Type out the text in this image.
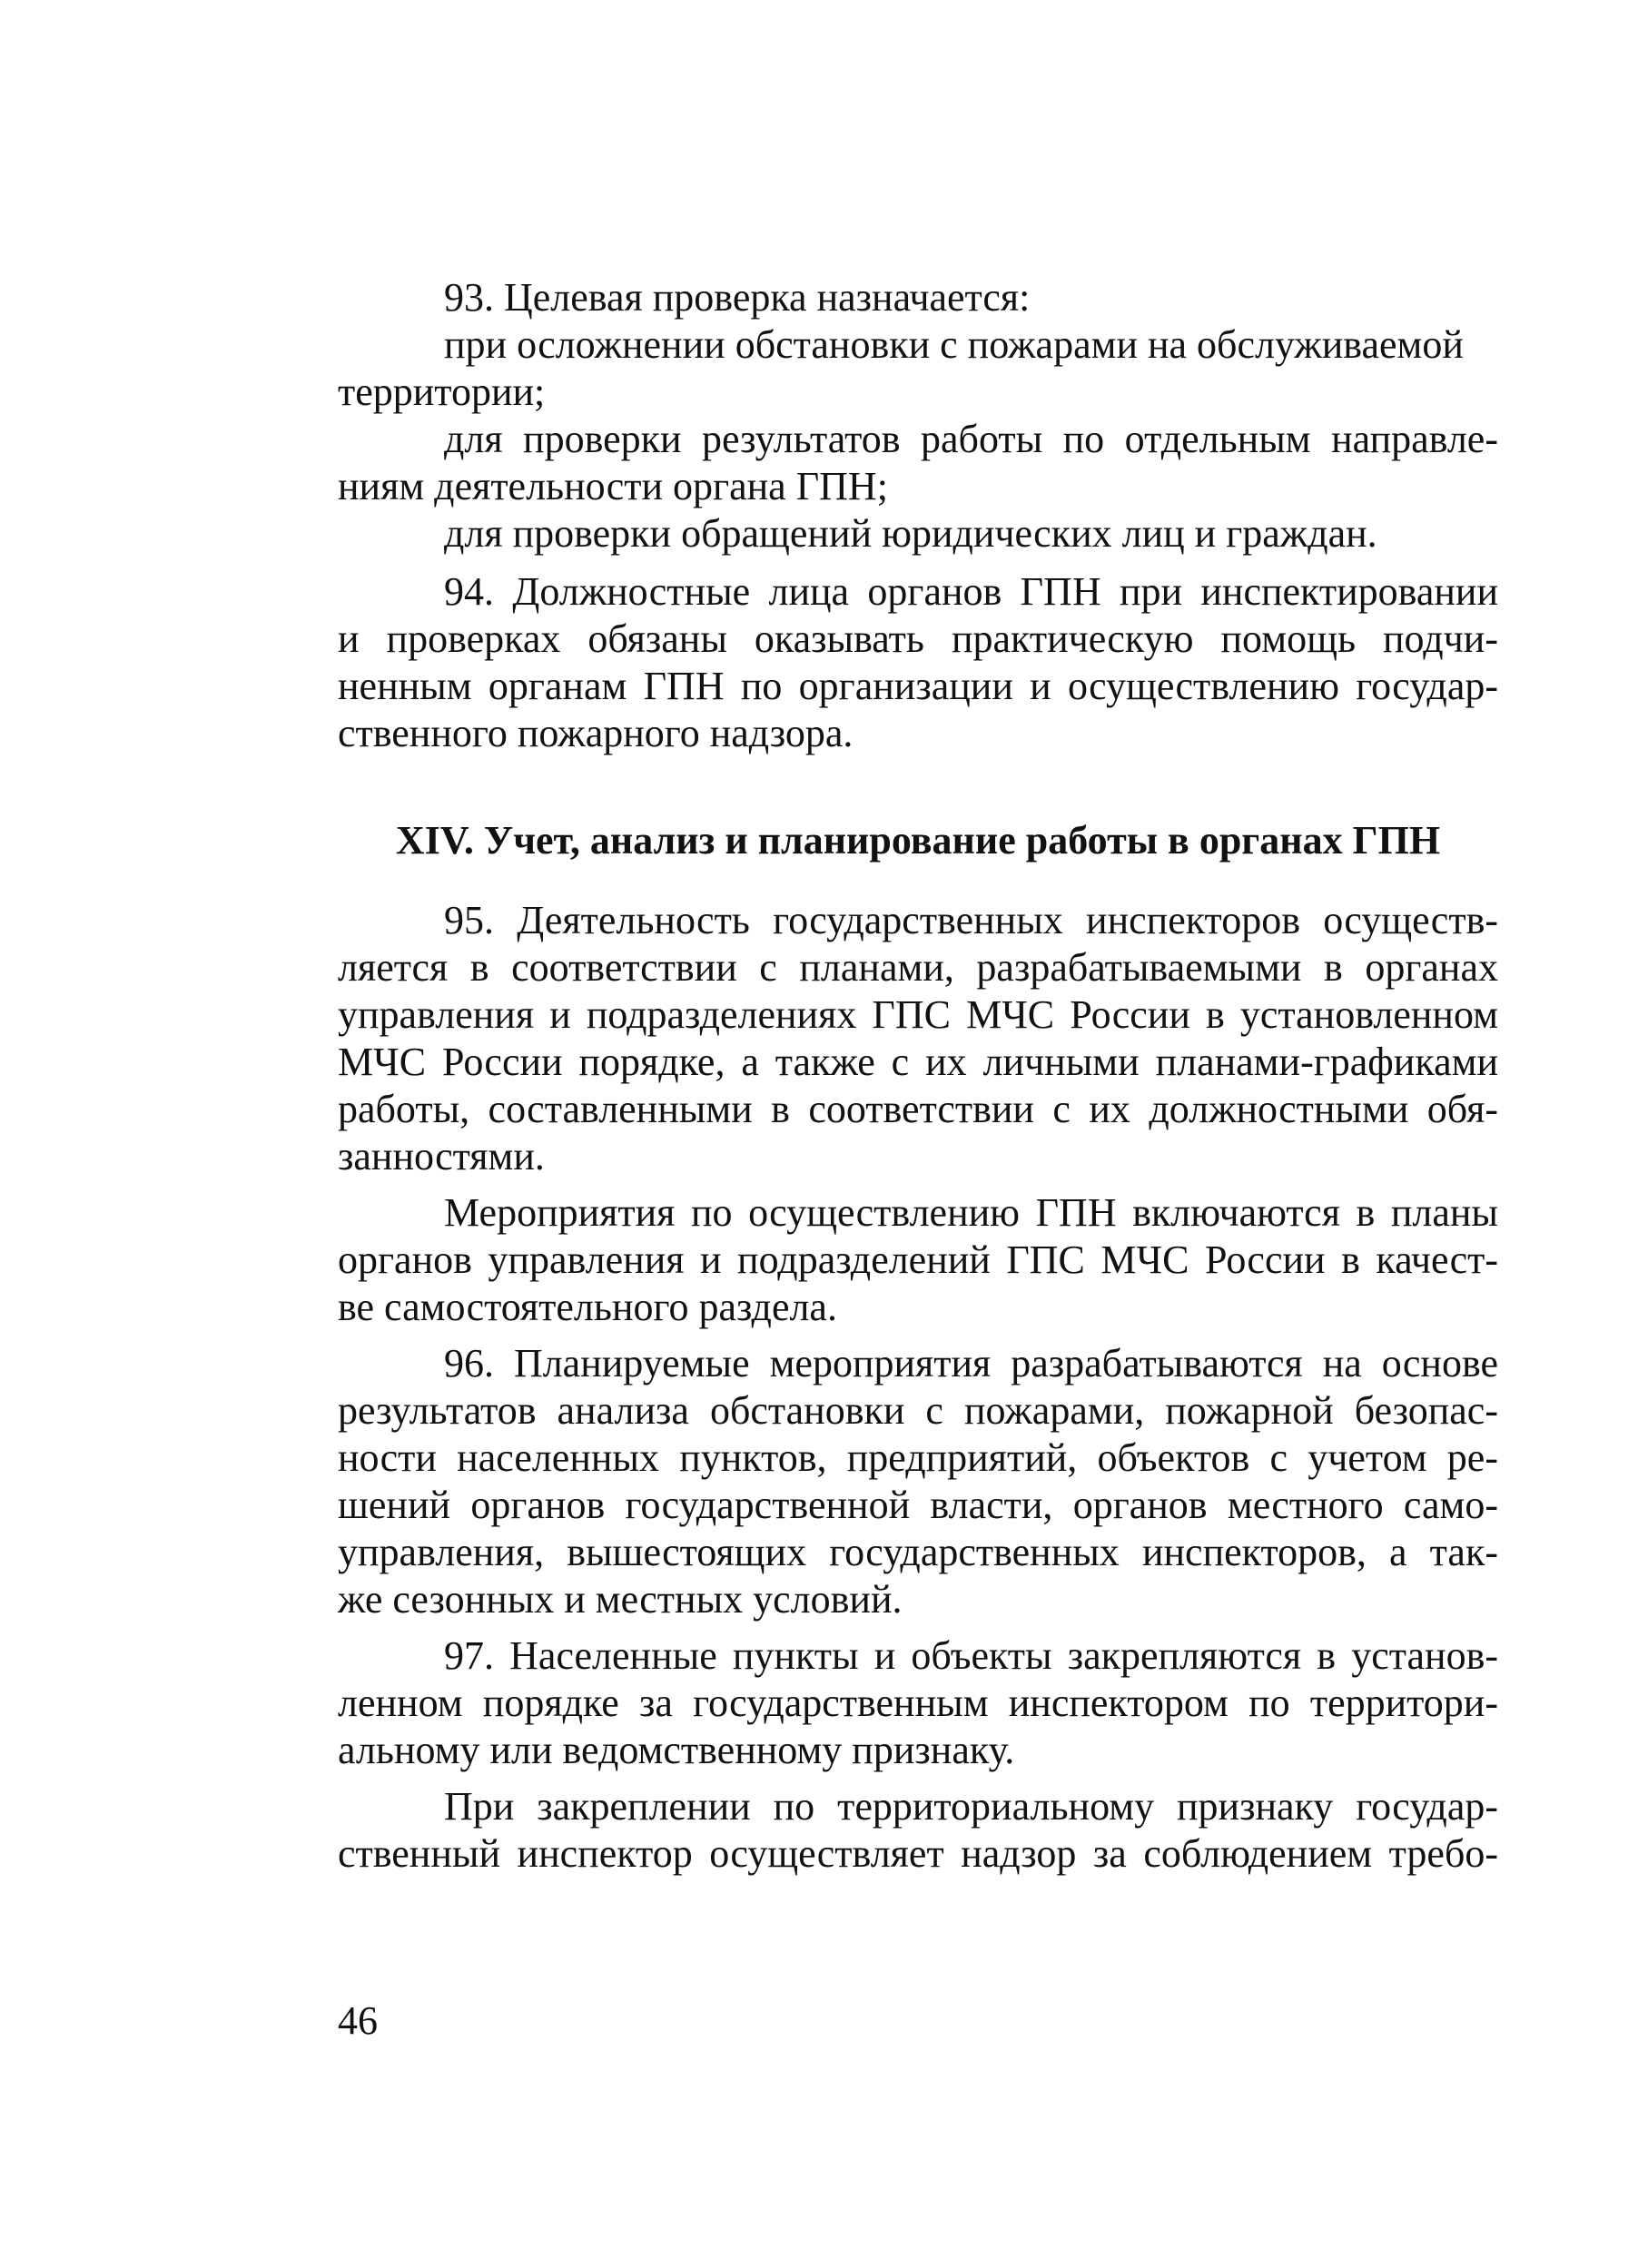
93. Целевая проверка назначается:
при осложнении обстановки с пожарами на обслуживаемой
территории;
для проверки результатов работы по отдельным направле-
ниям деятельности органа ГПН;
для проверки обращений юридических лиц и граждан.
94. Должностные лица органов ГПН при инспектировании
и проверках обязаны оказывать практическую помощь подчи-
ненным органам ГПН по организации и осуществлению государ-
ственного пожарного надзора.
XIV. Учет, анализ и планирование работы в органах ГПН
95. Деятельность государственных инспекторов осуществ-
ляется в соответствии с планами, разрабатываемыми в органах
управления и подразделениях ГПС МЧС России в установленном
МЧС России порядке, а также с их личными планами-графиками
работы, составленными в соответствии с их должностными обя-
занностями.
Мероприятия по осуществлению ГПН включаются в планы
органов управления и подразделений ГПС МЧС России в качест-
ве самостоятельного раздела.
96. Планируемые мероприятия разрабатываются на основе
результатов анализа обстановки с пожарами, пожарной безопас-
ности населенных пунктов, предприятий, объектов с учетом ре-
шений органов государственной власти, органов местного само-
управления, вышестоящих государственных инспекторов, а так-
же сезонных и местных условий.
97. Населенные пункты и объекты закрепляются в установ-
ленном порядке за государственным инспектором по территори-
альному или ведомственному признаку.
При закреплении по территориальному признаку государ-
ственный инспектор осуществляет надзор за соблюдением требо-
46
